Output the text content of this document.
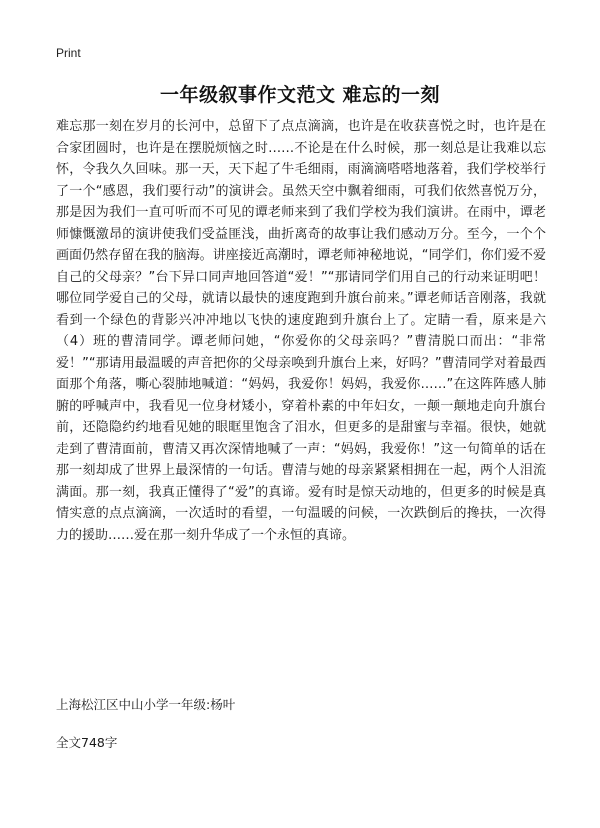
Print
一年级叙事作文范文 难忘的一刻

难忘那一刻在岁月的长河中，总留下了点点滴滴，也许是在收获喜悦之时，也许是在合家团圆时，也许是在摆脱烦恼之时……不论是在什么时候，那一刻总是让我难以忘怀，令我久久回味。那一天，天下起了牛毛细雨，雨滴滴嗒嗒地落着，我们学校举行了一个“感恩，我们要行动”的演讲会。虽然天空中飘着细雨，可我们依然喜悦万分，那是因为我们一直可听而不可见的谭老师来到了我们学校为我们演讲。在雨中，谭老师慷慨激昂的演讲使我们受益匪浅，曲折离奇的故事让我们感动万分。至今，一个个画面仍然存留在我的脑海。讲座接近高潮时，谭老师神秘地说，“同学们，你们爱不爱自己的父母亲？”台下异口同声地回答道“爱！”“那请同学们用自己的行动来证明吧！哪位同学爱自己的父母，就请以最快的速度跑到升旗台前来。”谭老师话音刚落，我就看到一个绿色的背影兴冲冲地以飞快的速度跑到升旗台上了。定睛一看，原来是六（4）班的曹清同学。谭老师问她，“你爱你的父母亲吗？”曹清脱口而出：“非常爱！”“那请用最温暖的声音把你的父母亲唤到升旗台上来，好吗？”曹清同学对着最西面那个角落，嘶心裂肺地喊道：“妈妈，我爱你！妈妈，我爱你……”在这阵阵感人肺腑的呼喊声中，我看见一位身材矮小，穿着朴素的中年妇女，一颠一颠地走向升旗台前，还隐隐约约地看见她的眼眶里饱含了泪水，但更多的是甜蜜与幸福。很快，她就走到了曹清面前，曹清又再次深情地喊了一声：“妈妈，我爱你！”这一句简单的话在那一刻却成了世界上最深情的一句话。曹清与她的母亲紧紧相拥在一起，两个人泪流满面。那一刻，我真正懂得了“爱”的真谛。爱有时是惊天动地的，但更多的时候是真情实意的点点滴滴，一次适时的看望，一句温暖的问候，一次跌倒后的搀扶，一次得力的援助……爱在那一刻升华成了一个永恒的真谛。

上海松江区中山小学一年级:杨叶

全文748字
